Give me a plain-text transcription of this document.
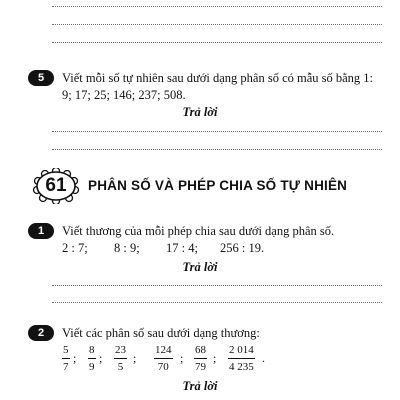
5	Viết mỗi số tự nhiên sau dưới dạng phân số có mẫu số bằng 1:
9; 17; 25; 146; 237; 508.
Trả lời
61	PHÂN SỐ VÀ PHÉP CHIA SỐ TỰ NHIÊN
1	Viết thương của mỗi phép chia sau dưới dạng phân số.
2 : 7; 8 : 9; 17 : 4; 256 : 19.
Trả lời
2	Viết các phân số sau dưới dạng thương:
$\frac{5}{7}$ ; $\frac{8}{9}$ ; $\frac{23}{5}$ ; $\frac{124}{70}$ ; $\frac{68}{79}$ ; $\frac{2 014}{4 235}$ .
Trả lời
